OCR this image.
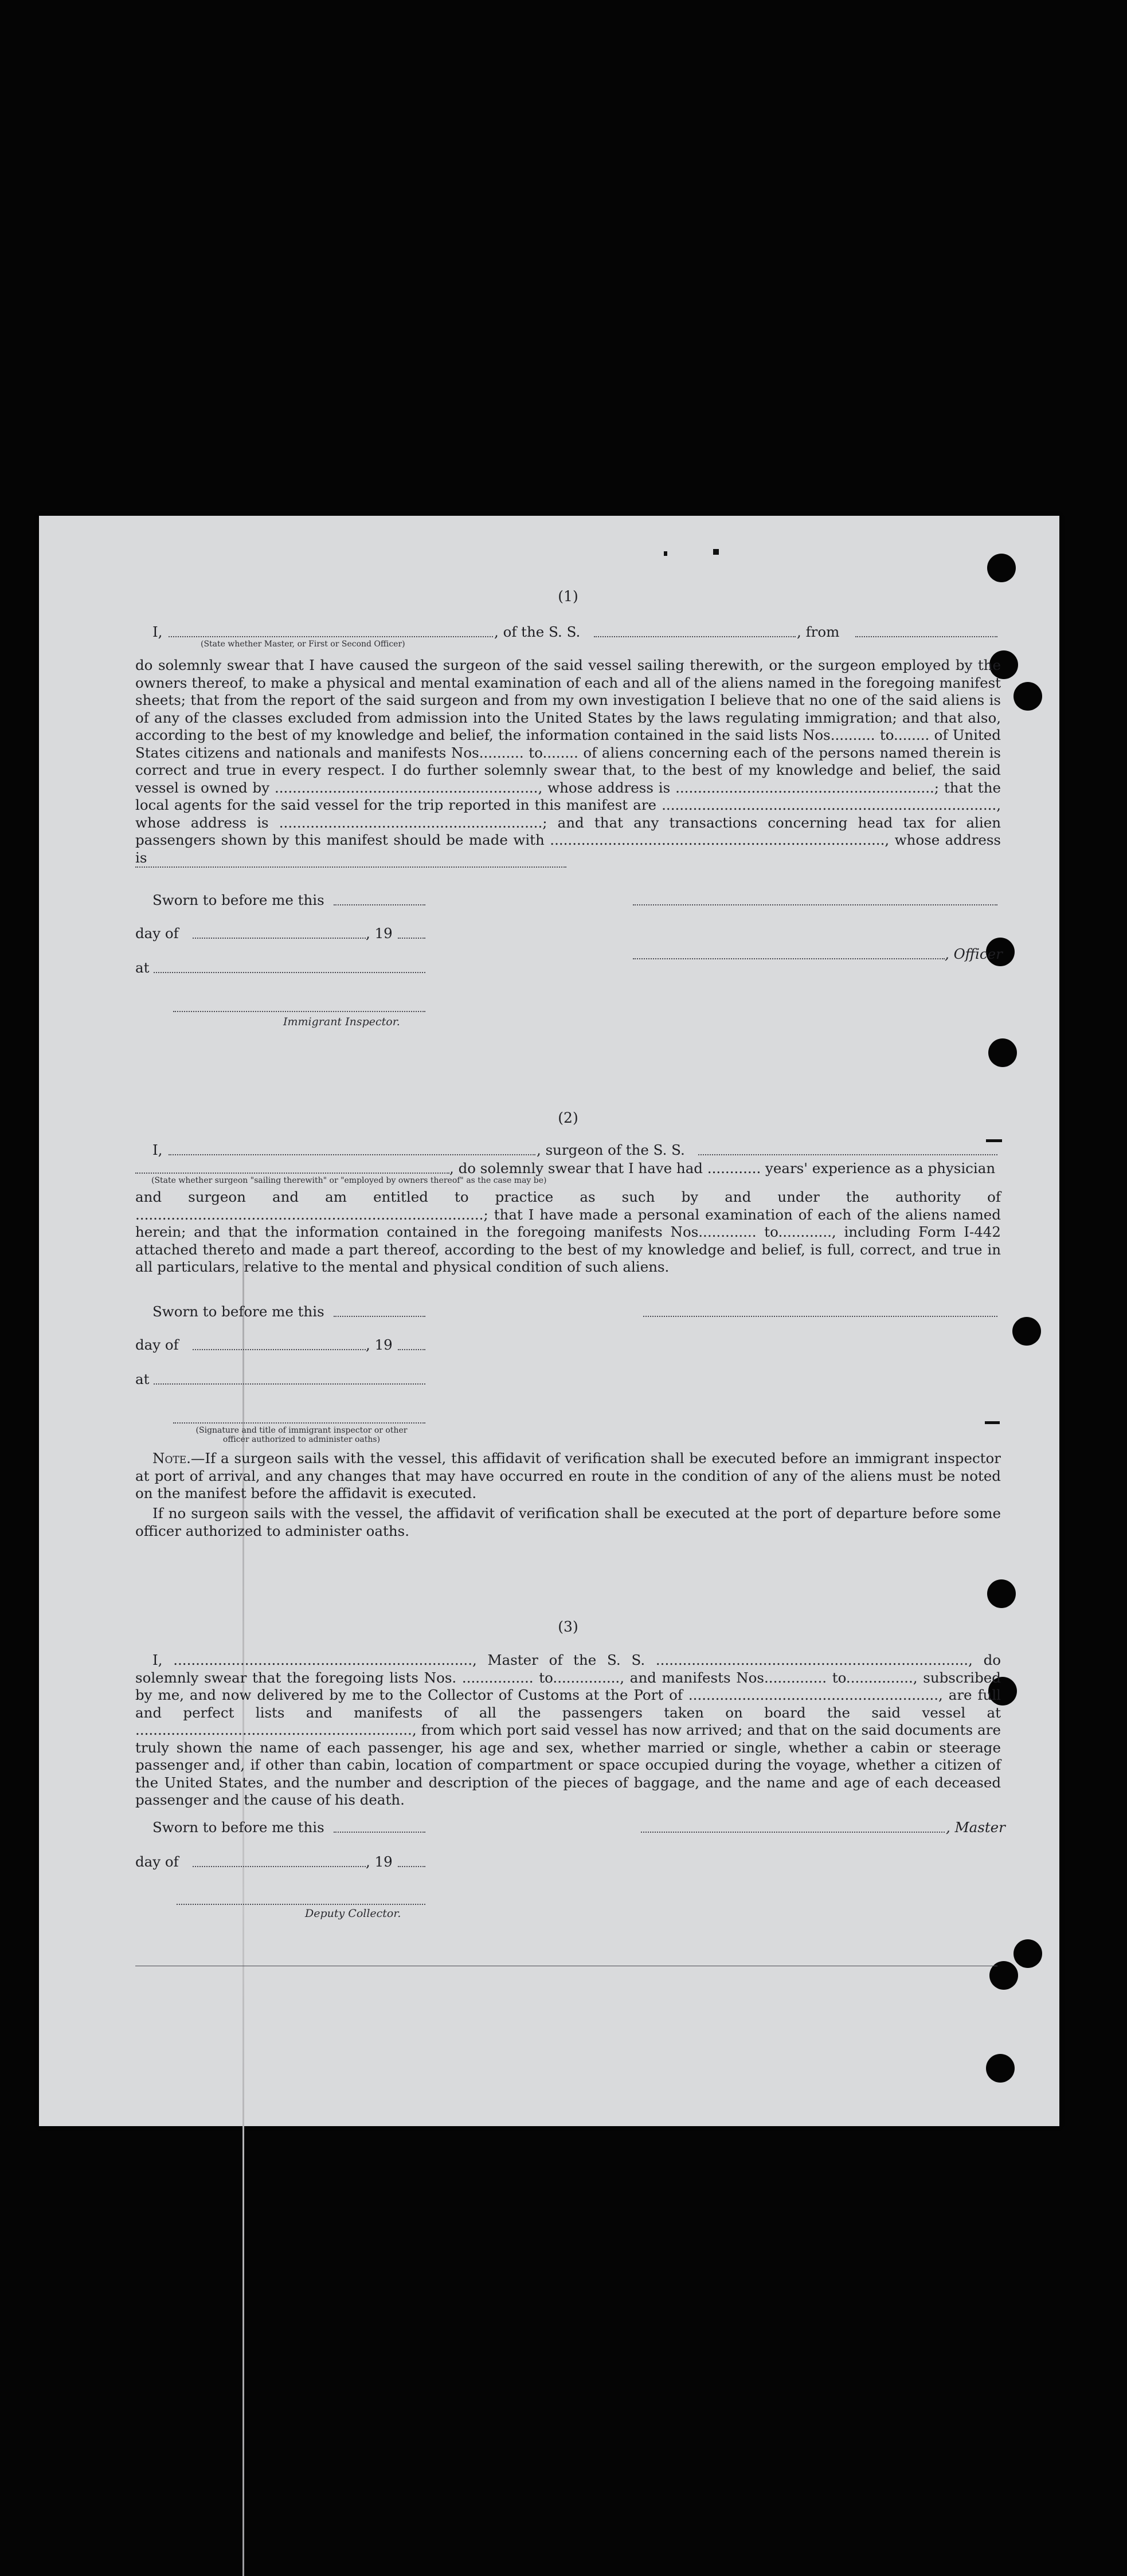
(1)
I,	, of the S. S.	, from
(State whether Master, or First or Second Officer)
do solemnly swear that I have caused the surgeon of the said vessel sailing therewith, or the surgeon employed by the owners thereof, to make a physical and mental examination of each and all of the aliens named in the foregoing manifest sheets; that from the report of the said surgeon and from my own investigation I believe that no one of the said aliens is of any of the classes excluded from admission into the United States by the laws regulating immigration; and that also, according to the best of my knowledge and belief, the information contained in the said lists Nos.......... to........ of United States citizens and nationals and manifests Nos.......... to........ of aliens concerning each of the persons named therein is correct and true in every respect. I do further solemnly swear that, to the best of my knowledge and belief, the said vessel is owned by ..........................................................., whose address is ..........................................................; that the local agents for the said vessel for the trip reported in this manifest are ..........................................................................., whose address is ...........................................................; and that any transactions concerning head tax for alien passengers shown by this manifest should be made with ..........................................................................., whose address is
Sworn to before me this
day of	, 19
, Officer
at
Immigrant Inspector.
(2)
I,	, surgeon of the S. S.
, do solemnly swear that I have had ............ years' experience as a physician
(State whether surgeon "sailing therewith" or "employed by owners thereof" as the case may be)
and surgeon and am entitled to practice as such by and under the authority of ..............................................................................; that I have made a personal examination of each of the aliens named herein; and that the information contained in the foregoing manifests Nos............. to............, including Form I-442 attached thereto and made a part thereof, according to the best of my knowledge and belief, is full, correct, and true in all particulars, relative to the mental and physical condition of such aliens.
Sworn to before me this
day of	, 19
at
(Signature and title of immigrant inspector or other officer authorized to administer oaths)
Note.—If a surgeon sails with the vessel, this affidavit of verification shall be executed before an immigrant inspector at port of arrival, and any changes that may have occurred en route in the condition of any of the aliens must be noted on the manifest before the affidavit is executed.
If no surgeon sails with the vessel, the affidavit of verification shall be executed at the port of departure before some officer authorized to administer oaths.
(3)
I, ..................................................................., Master of the S. S. ......................................................................, do solemnly swear that the foregoing lists Nos. ................ to..............., and manifests Nos.............. to..............., subscribed by me, and now delivered by me to the Collector of Customs at the Port of ........................................................, are full and perfect lists and manifests of all the passengers taken on board the said vessel at .............................................................., from which port said vessel has now arrived; and that on the said documents are truly shown the name of each passenger, his age and sex, whether married or single, whether a cabin or steerage passenger and, if other than cabin, location of compartment or space occupied during the voyage, whether a citizen of the United States, and the number and description of the pieces of baggage, and the name and age of each deceased passenger and the cause of his death.
Sworn to before me this	, Master
day of	, 19
Deputy Collector.
